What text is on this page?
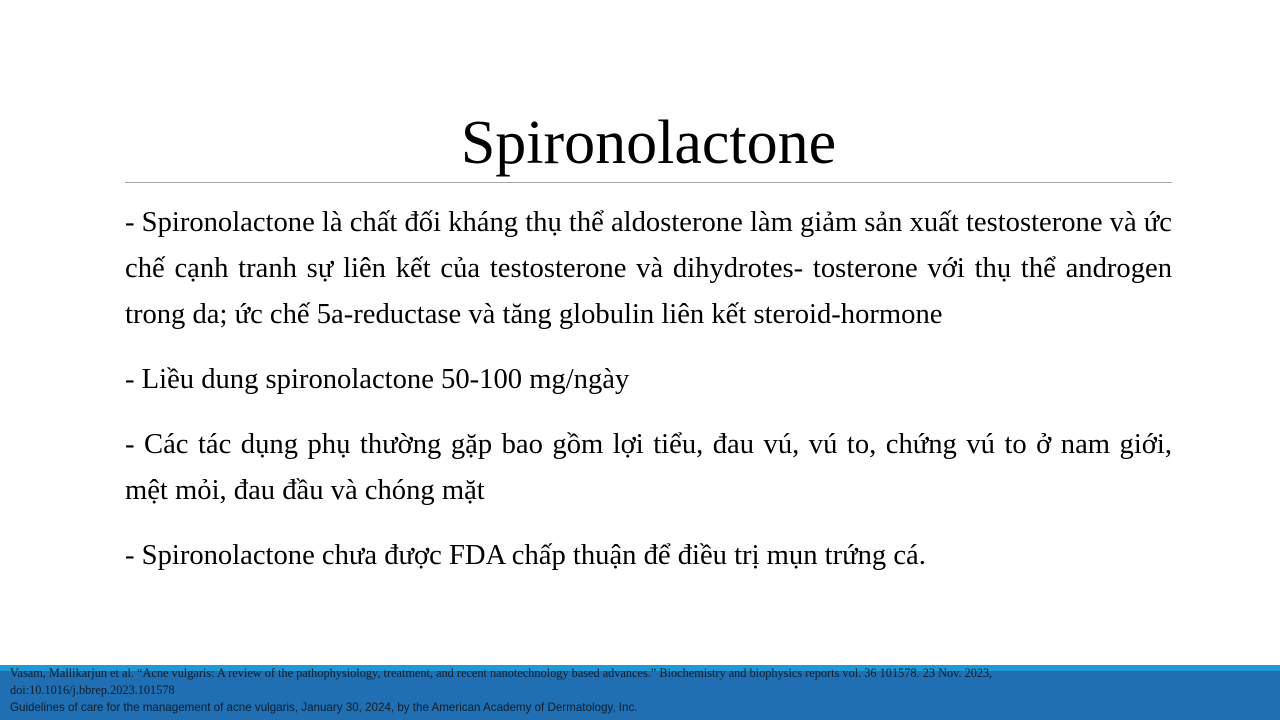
Spironolactone

- Spironolactone là chất đối kháng thụ thể aldosterone làm giảm sản xuất testosterone và ức chế cạnh tranh sự liên kết của testosterone và dihydrotes- tosterone với thụ thể androgen trong da; ức chế 5a-reductase và tăng globulin liên kết steroid-hormone

- Liều dung spironolactone 50-100 mg/ngày

- Các tác dụng phụ thường gặp bao gồm lợi tiểu, đau vú, vú to, chứng vú to ở nam giới, mệt mỏi, đau đầu và chóng mặt

- Spironolactone chưa được FDA chấp thuận để điều trị mụn trứng cá.

Vasam, Mallikarjun et al. “Acne vulgaris: A review of the pathophysiology, treatment, and recent nanotechnology based advances.” Biochemistry and biophysics reports vol. 36 101578. 23 Nov. 2023,
doi:10.1016/j.bbrep.2023.101578
Guidelines of care for the management of acne vulgaris, January 30, 2024, by the American Academy of Dermatology, Inc.
